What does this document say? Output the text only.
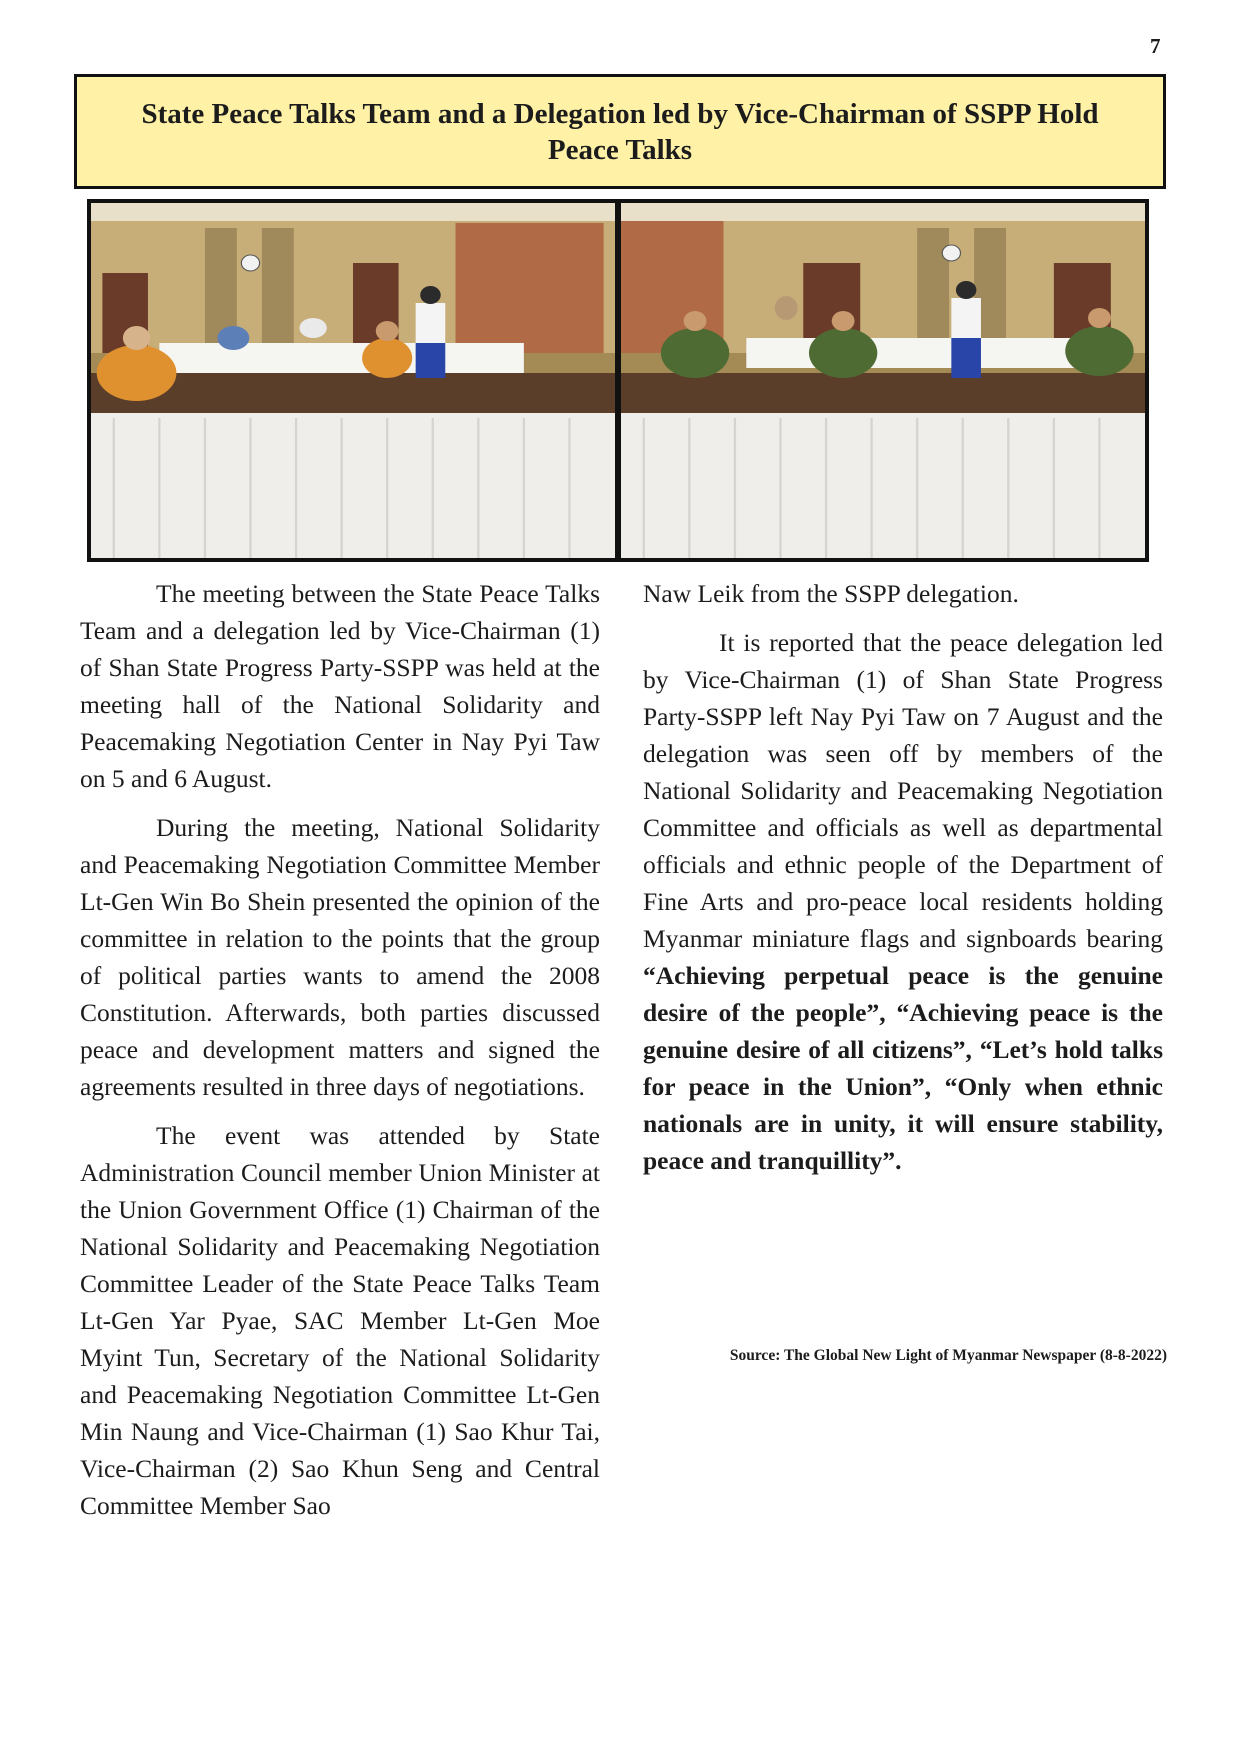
7
State Peace Talks Team and a Delegation led by Vice-Chairman of SSPP Hold Peace Talks

The meeting between the State Peace Talks Team and a delegation led by Vice-Chairman (1) of Shan State Progress Party-SSPP was held at the meeting hall of the National Solidarity and Peacemaking Negotiation Center in Nay Pyi Taw on 5 and 6 August.

During the meeting, National Solidarity and Peacemaking Negotiation Committee Member Lt-Gen Win Bo Shein presented the opinion of the committee in relation to the points that the group of political parties wants to amend the 2008 Constitution. Afterwards, both parties discussed peace and development matters and signed the agreements resulted in three days of negotiations.

The event was attended by State Administration Council member Union Minister at the Union Government Office (1) Chairman of the National Solidarity and Peacemaking Negotiation Committee Leader of the State Peace Talks Team Lt-Gen Yar Pyae, SAC Member Lt-Gen Moe Myint Tun, Secretary of the National Solidarity and Peacemaking Negotiation Committee Lt-Gen Min Naung and Vice-Chairman (1) Sao Khur Tai, Vice-Chairman (2) Sao Khun Seng and Central Committee Member Sao

Naw Leik from the SSPP delegation.

It is reported that the peace delegation led by Vice-Chairman (1) of Shan State Progress Party-SSPP left Nay Pyi Taw on 7 August and the delegation was seen off by members of the National Solidarity and Peacemaking Negotiation Committee and officials as well as departmental officials and ethnic people of the Department of Fine Arts and pro-peace local residents holding Myanmar miniature flags and signboards bearing “Achieving perpetual peace is the genuine desire of the people”, “Achieving peace is the genuine desire of all citizens”, “Let’s hold talks for peace in the Union”, “Only when ethnic nationals are in unity, it will ensure stability, peace and tranquillity”.

Source: The Global New Light of Myanmar Newspaper (8-8-2022)
